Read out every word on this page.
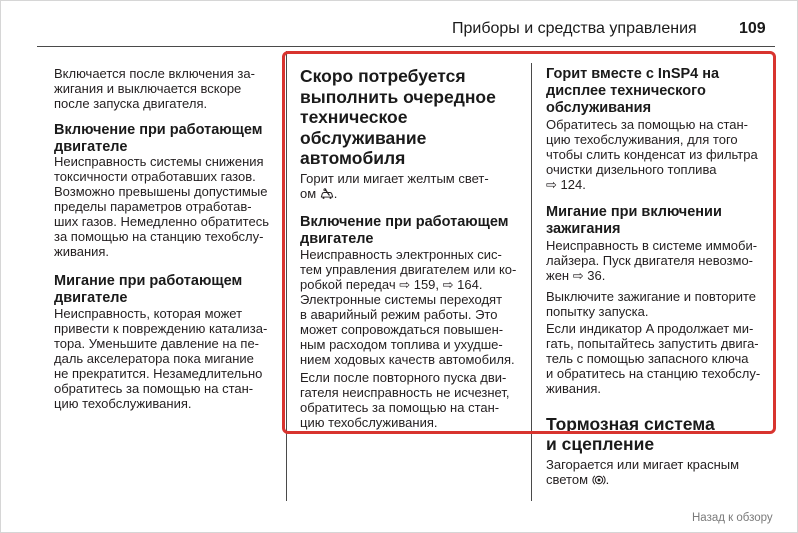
Приборы и средства управления	109
Включается после включения за-
жигания и выключается вскоре
после запуска двигателя.
Включение при работающем
двигателе
Неисправность системы снижения
токсичности отработавших газов.
Возможно превышены допустимые
пределы параметров отработав-
ших газов. Немедленно обратитесь
за помощью на станцию техобслу-
живания.
Мигание при работающем
двигателе
Неисправность, которая может
привести к повреждению катализа-
тора. Уменьшите давление на пе-
даль акселератора пока мигание
не прекратится. Незамедлительно
обратитесь за помощью на стан-
цию техобслуживания.
Скоро потребуется
выполнить очередное
техническое
обслуживание
автомобиля
Горит или мигает желтым свет-
ом
.
Включение при работающем
двигателе
Неисправность электронных сис-
тем управления двигателем или ко-
робкой передач ⇨ 159, ⇨ 164.
Электронные системы переходят
в аварийный режим работы. Это
может сопровождаться повышен-
ным расходом топлива и ухудше-
нием ходовых качеств автомобиля.
Если после повторного пуска дви-
гателя неисправность не исчезнет,
обратитесь за помощью на стан-
цию техобслуживания.
Горит вместе с InSP4 на
дисплее технического
обслуживания
Обратитесь за помощью на стан-
цию техобслуживания, для того
чтобы слить конденсат из фильтра
очистки дизельного топлива
⇨ 124.
Мигание при включении
зажигания
Неисправность в системе иммоби-
лайзера. Пуск двигателя невозмо-
жен ⇨ 36.
Выключите зажигание и повторите
попытку запуска.
Если индикатор A продолжает ми-
гать, попытайтесь запустить двига-
тель с помощью запасного ключа
и обратитесь на станцию техобслу-
живания.
Тормозная система
и сцепление
Загорается или мигает красным
светом
.
Назад к обзору
